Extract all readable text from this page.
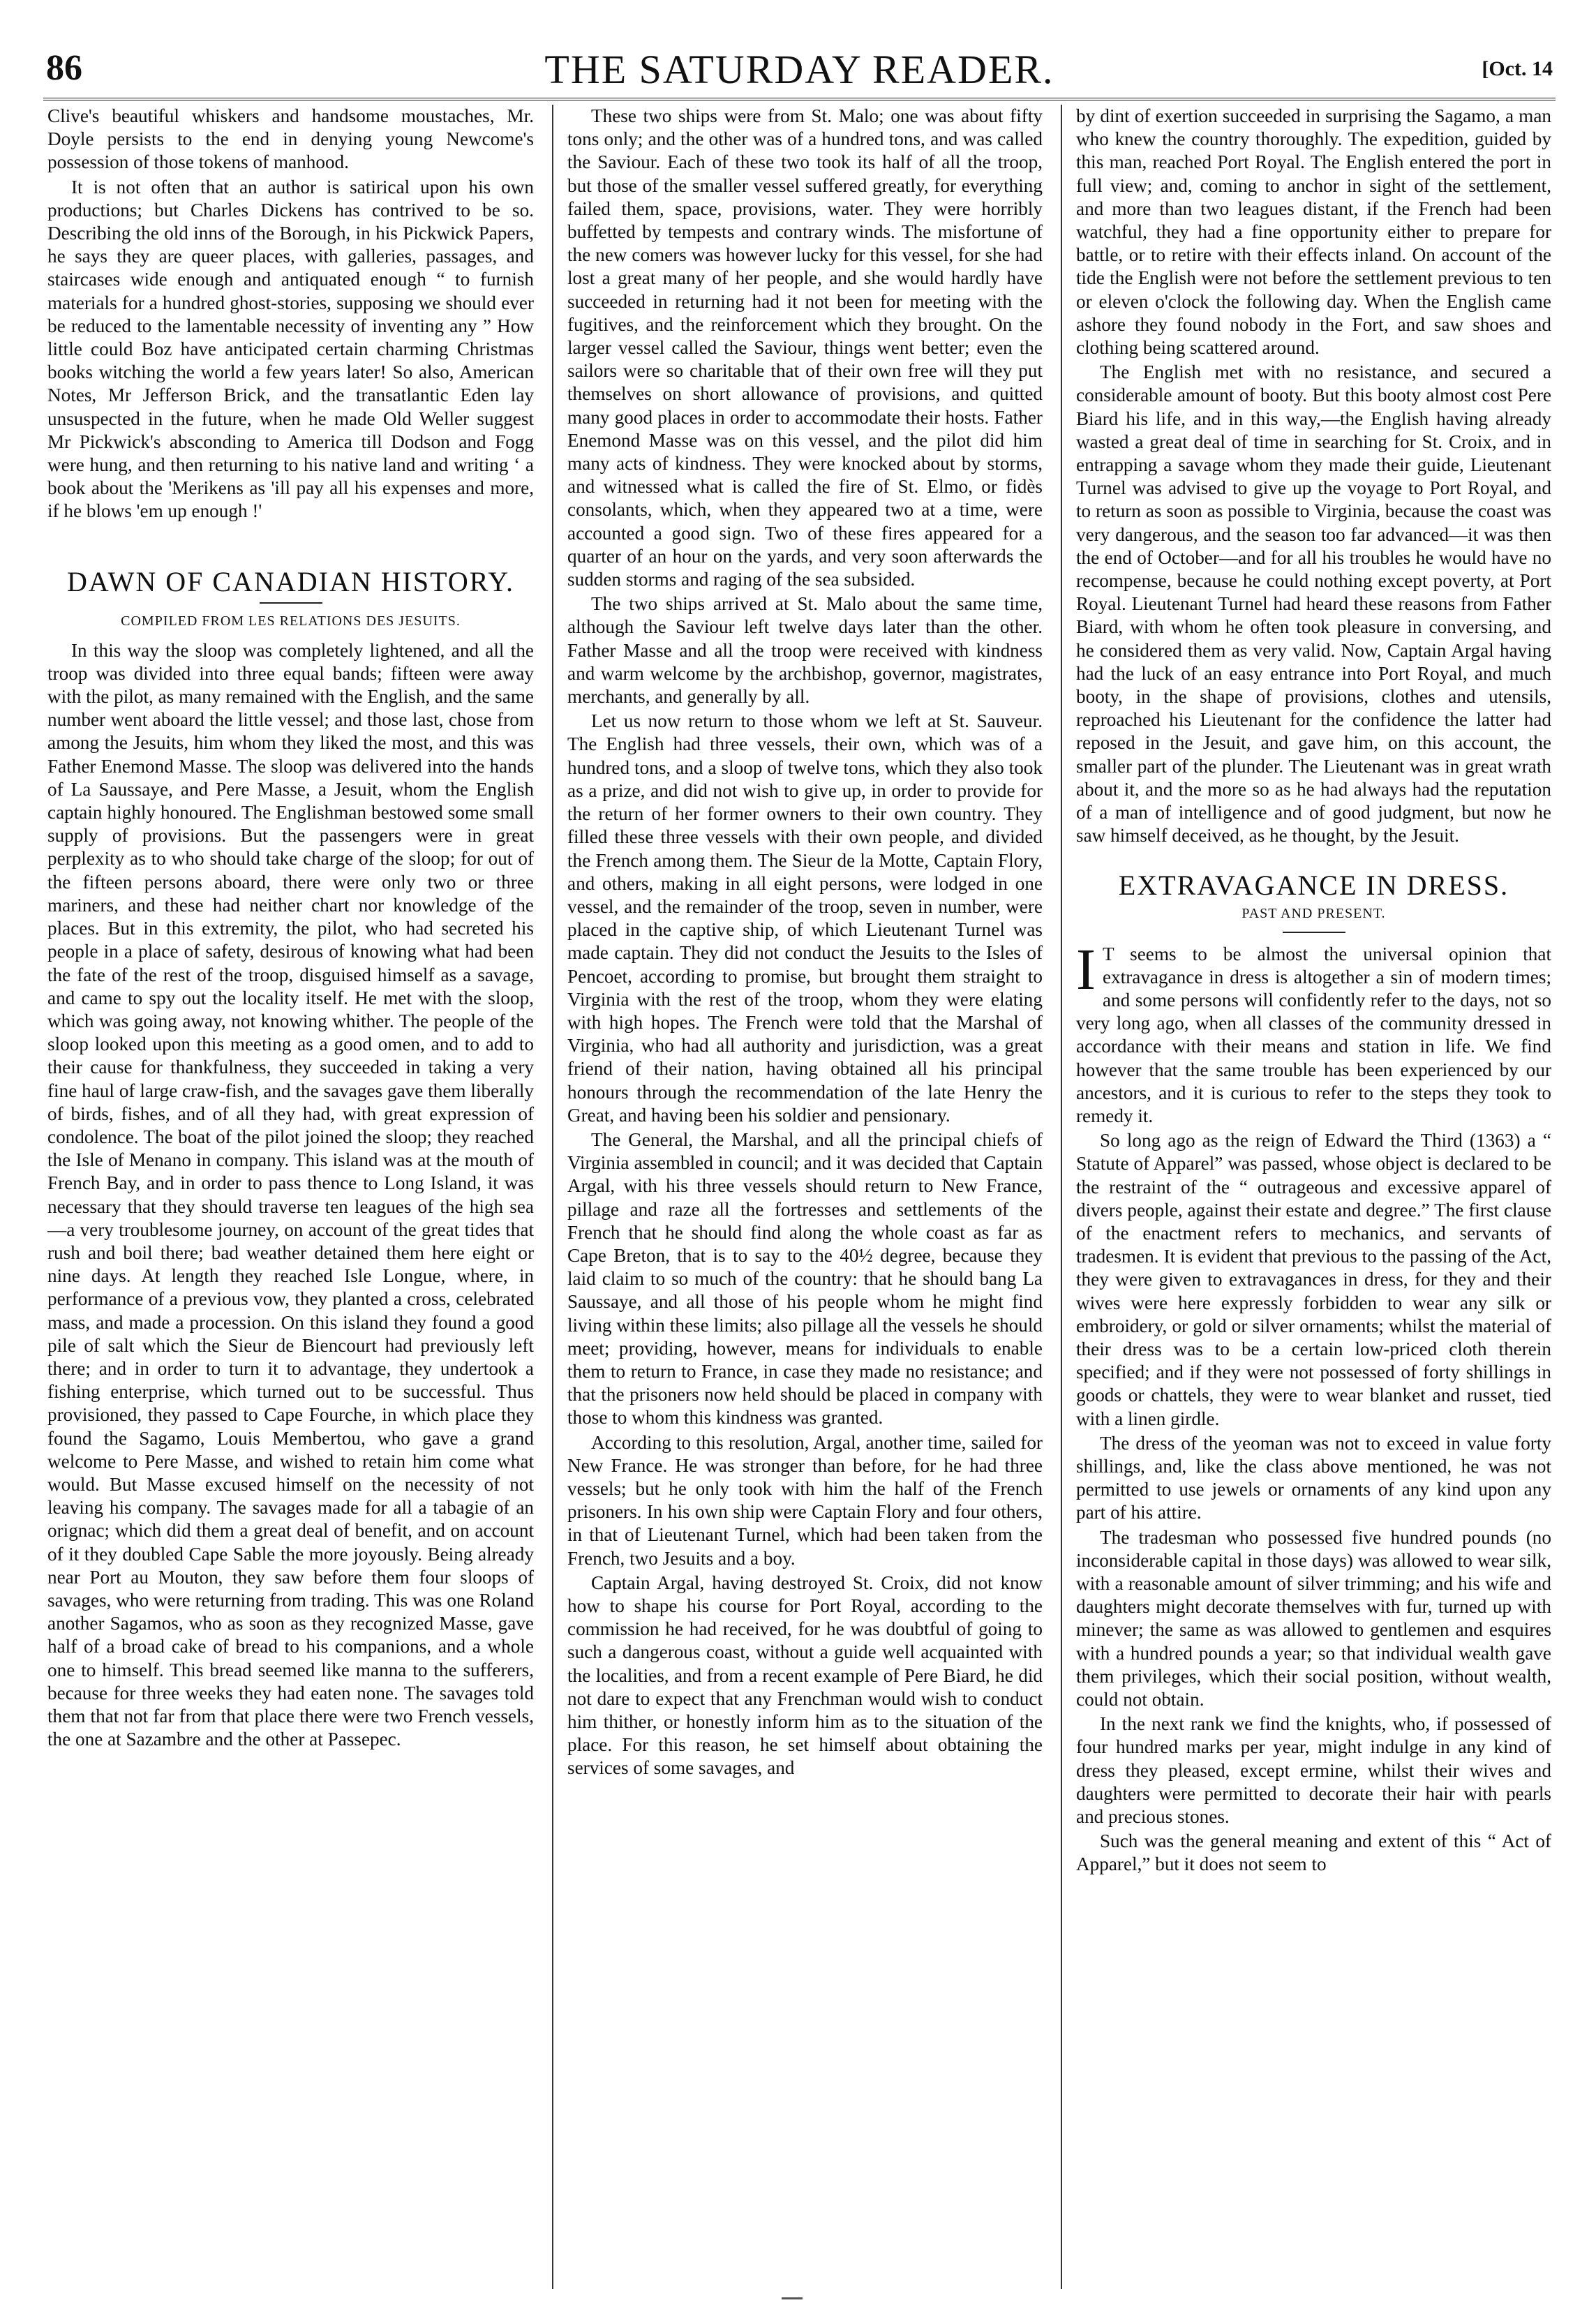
86	THE SATURDAY READER.	[Oct. 14

Clive's beautiful whiskers and handsome moustaches, Mr. Doyle persists to the end in denying young Newcome's possession of those tokens of manhood.

It is not often that an author is satirical upon his own productions; but Charles Dickens has contrived to be so. Describing the old inns of the Borough, in his Pickwick Papers, he says they are queer places, with galleries, passages, and staircases wide enough and antiquated enough “ to furnish materials for a hundred ghost-stories, supposing we should ever be reduced to the lamentable necessity of inventing any ” How little could Boz have anticipated certain charming Christmas books witching the world a few years later! So also, American Notes, Mr Jefferson Brick, and the transatlantic Eden lay unsuspected in the future, when he made Old Weller suggest Mr Pickwick's absconding to America till Dodson and Fogg were hung, and then returning to his native land and writing ‘ a book about the 'Merikens as 'ill pay all his expenses and more, if he blows 'em up enough !'

DAWN OF CANADIAN HISTORY.
COMPILED FROM LES RELATIONS DES JESUITS.

In this way the sloop was completely lightened, and all the troop was divided into three equal bands; fifteen were away with the pilot, as many remained with the English, and the same number went aboard the little vessel; and those last, chose from among the Jesuits, him whom they liked the most, and this was Father Enemond Masse. The sloop was delivered into the hands of La Saussaye, and Pere Masse, a Jesuit, whom the English captain highly honoured. The Englishman bestowed some small supply of provisions. But the passengers were in great perplexity as to who should take charge of the sloop; for out of the fifteen persons aboard, there were only two or three mariners, and these had neither chart nor knowledge of the places. But in this extremity, the pilot, who had secreted his people in a place of safety, desirous of knowing what had been the fate of the rest of the troop, disguised himself as a savage, and came to spy out the locality itself. He met with the sloop, which was going away, not knowing whither. The people of the sloop looked upon this meeting as a good omen, and to add to their cause for thankfulness, they succeeded in taking a very fine haul of large craw-fish, and the savages gave them liberally of birds, fishes, and of all they had, with great expression of condolence. The boat of the pilot joined the sloop; they reached the Isle of Menano in company. This island was at the mouth of French Bay, and in order to pass thence to Long Island, it was necessary that they should traverse ten leagues of the high sea—a very troublesome journey, on account of the great tides that rush and boil there; bad weather detained them here eight or nine days. At length they reached Isle Longue, where, in performance of a previous vow, they planted a cross, celebrated mass, and made a procession. On this island they found a good pile of salt which the Sieur de Biencourt had previously left there; and in order to turn it to advantage, they undertook a fishing enterprise, which turned out to be successful. Thus provisioned, they passed to Cape Fourche, in which place they found the Sagamo, Louis Membertou, who gave a grand welcome to Pere Masse, and wished to retain him come what would. But Masse excused himself on the necessity of not leaving his company. The savages made for all a tabagie of an orignac; which did them a great deal of benefit, and on account of it they doubled Cape Sable the more joyously. Being already near Port au Mouton, they saw before them four sloops of savages, who were returning from trading. This was one Roland another Sagamos, who as soon as they recognized Masse, gave half of a broad cake of bread to his companions, and a whole one to himself. This bread seemed like manna to the sufferers, because for three weeks they had eaten none. The savages told them that not far from that place there were two French vessels, the one at Sazambre and the other at Passepec.

These two ships were from St. Malo; one was about fifty tons only; and the other was of a hundred tons, and was called the Saviour. Each of these two took its half of all the troop, but those of the smaller vessel suffered greatly, for everything failed them, space, provisions, water. They were horribly buffetted by tempests and contrary winds. The misfortune of the new comers was however lucky for this vessel, for she had lost a great many of her people, and she would hardly have succeeded in returning had it not been for meeting with the fugitives, and the reinforcement which they brought. On the larger vessel called the Saviour, things went better; even the sailors were so charitable that of their own free will they put themselves on short allowance of provisions, and quitted many good places in order to accommodate their hosts. Father Enemond Masse was on this vessel, and the pilot did him many acts of kindness. They were knocked about by storms, and witnessed what is called the fire of St. Elmo, or fidès consolants, which, when they appeared two at a time, were accounted a good sign. Two of these fires appeared for a quarter of an hour on the yards, and very soon afterwards the sudden storms and raging of the sea subsided.

The two ships arrived at St. Malo about the same time, although the Saviour left twelve days later than the other. Father Masse and all the troop were received with kindness and warm welcome by the archbishop, governor, magistrates, merchants, and generally by all.

Let us now return to those whom we left at St. Sauveur. The English had three vessels, their own, which was of a hundred tons, and a sloop of twelve tons, which they also took as a prize, and did not wish to give up, in order to provide for the return of her former owners to their own country. They filled these three vessels with their own people, and divided the French among them. The Sieur de la Motte, Captain Flory, and others, making in all eight persons, were lodged in one vessel, and the remainder of the troop, seven in number, were placed in the captive ship, of which Lieutenant Turnel was made captain. They did not conduct the Jesuits to the Isles of Pencoet, according to promise, but brought them straight to Virginia with the rest of the troop, whom they were elating with high hopes. The French were told that the Marshal of Virginia, who had all authority and jurisdiction, was a great friend of their nation, having obtained all his principal honours through the recommendation of the late Henry the Great, and having been his soldier and pensionary.

The General, the Marshal, and all the principal chiefs of Virginia assembled in council; and it was decided that Captain Argal, with his three vessels should return to New France, pillage and raze all the fortresses and settlements of the French that he should find along the whole coast as far as Cape Breton, that is to say to the 40½ degree, because they laid claim to so much of the country: that he should bang La Saussaye, and all those of his people whom he might find living within these limits; also pillage all the vessels he should meet; providing, however, means for individuals to enable them to return to France, in case they made no resistance; and that the prisoners now held should be placed in company with those to whom this kindness was granted.

According to this resolution, Argal, another time, sailed for New France. He was stronger than before, for he had three vessels; but he only took with him the half of the French prisoners. In his own ship were Captain Flory and four others, in that of Lieutenant Turnel, which had been taken from the French, two Jesuits and a boy.

Captain Argal, having destroyed St. Croix, did not know how to shape his course for Port Royal, according to the commission he had received, for he was doubtful of going to such a dangerous coast, without a guide well acquainted with the localities, and from a recent example of Pere Biard, he did not dare to expect that any Frenchman would wish to conduct him thither, or honestly inform him as to the situation of the place. For this reason, he set himself about obtaining the services of some savages, and

by dint of exertion succeeded in surprising the Sagamo, a man who knew the country thoroughly. The expedition, guided by this man, reached Port Royal. The English entered the port in full view; and, coming to anchor in sight of the settlement, and more than two leagues distant, if the French had been watchful, they had a fine opportunity either to prepare for battle, or to retire with their effects inland. On account of the tide the English were not before the settlement previous to ten or eleven o'clock the following day. When the English came ashore they found nobody in the Fort, and saw shoes and clothing being scattered around.

The English met with no resistance, and secured a considerable amount of booty. But this booty almost cost Pere Biard his life, and in this way,—the English having already wasted a great deal of time in searching for St. Croix, and in entrapping a savage whom they made their guide, Lieutenant Turnel was advised to give up the voyage to Port Royal, and to return as soon as possible to Virginia, because the coast was very dangerous, and the season too far advanced—it was then the end of October—and for all his troubles he would have no recompense, because he could nothing except poverty, at Port Royal. Lieutenant Turnel had heard these reasons from Father Biard, with whom he often took pleasure in conversing, and he considered them as very valid. Now, Captain Argal having had the luck of an easy entrance into Port Royal, and much booty, in the shape of provisions, clothes and utensils, reproached his Lieutenant for the confidence the latter had reposed in the Jesuit, and gave him, on this account, the smaller part of the plunder. The Lieutenant was in great wrath about it, and the more so as he had always had the reputation of a man of intelligence and of good judgment, but now he saw himself deceived, as he thought, by the Jesuit.

EXTRAVAGANCE IN DRESS.
PAST AND PRESENT.

I T seems to be almost the universal opinion that extravagance in dress is altogether a sin of modern times; and some persons will confidently refer to the days, not so very long ago, when all classes of the community dressed in accordance with their means and station in life. We find however that the same trouble has been experienced by our ancestors, and it is curious to refer to the steps they took to remedy it.

So long ago as the reign of Edward the Third (1363) a “ Statute of Apparel” was passed, whose object is declared to be the restraint of the “ outrageous and excessive apparel of divers people, against their estate and degree.” The first clause of the enactment refers to mechanics, and servants of tradesmen. It is evident that previous to the passing of the Act, they were given to extravagances in dress, for they and their wives were here expressly forbidden to wear any silk or embroidery, or gold or silver ornaments; whilst the material of their dress was to be a certain low-priced cloth therein specified; and if they were not possessed of forty shillings in goods or chattels, they were to wear blanket and russet, tied with a linen girdle.

The dress of the yeoman was not to exceed in value forty shillings, and, like the class above mentioned, he was not permitted to use jewels or ornaments of any kind upon any part of his attire.

The tradesman who possessed five hundred pounds (no inconsiderable capital in those days) was allowed to wear silk, with a reasonable amount of silver trimming; and his wife and daughters might decorate themselves with fur, turned up with minever; the same as was allowed to gentlemen and esquires with a hundred pounds a year; so that individual wealth gave them privileges, which their social position, without wealth, could not obtain.

In the next rank we find the knights, who, if possessed of four hundred marks per year, might indulge in any kind of dress they pleased, except ermine, whilst their wives and daughters were permitted to decorate their hair with pearls and precious stones.

Such was the general meaning and extent of this “ Act of Apparel,” but it does not seem to
